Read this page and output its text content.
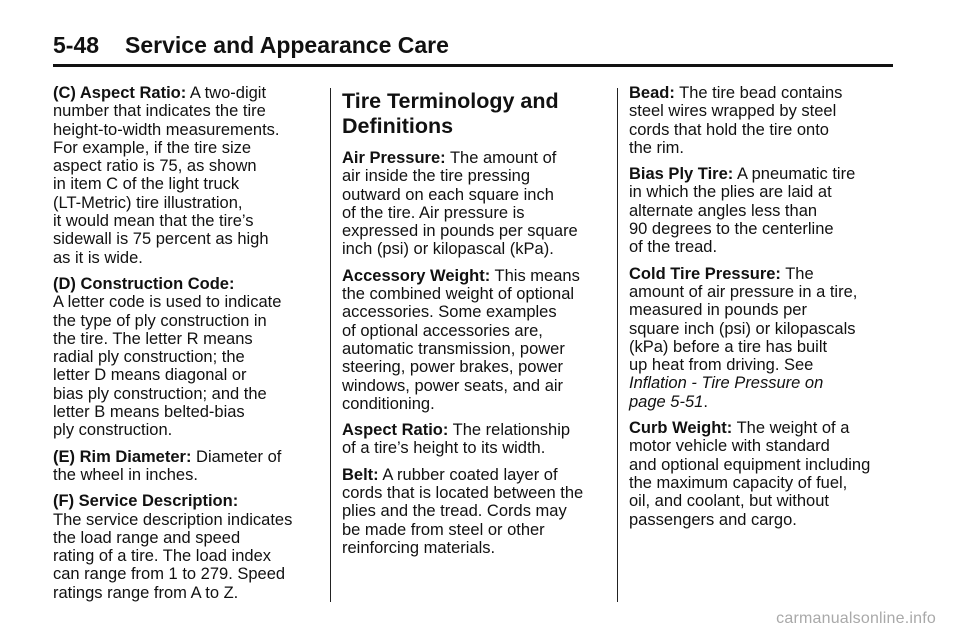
5-48 Service and Appearance Care

(C) Aspect Ratio: A two-digit
number that indicates the tire
height-to-width measurements.
For example, if the tire size
aspect ratio is 75, as shown
in item C of the light truck
(LT-Metric) tire illustration,
it would mean that the tire’s
sidewall is 75 percent as high
as it is wide.

(D) Construction Code:
A letter code is used to indicate
the type of ply construction in
the tire. The letter R means
radial ply construction; the
letter D means diagonal or
bias ply construction; and the
letter B means belted-bias
ply construction.

(E) Rim Diameter: Diameter of
the wheel in inches.

(F) Service Description:
The service description indicates
the load range and speed
rating of a tire. The load index
can range from 1 to 279. Speed
ratings range from A to Z.

Tire Terminology and
Definitions

Air Pressure: The amount of
air inside the tire pressing
outward on each square inch
of the tire. Air pressure is
expressed in pounds per square
inch (psi) or kilopascal (kPa).

Accessory Weight: This means
the combined weight of optional
accessories. Some examples
of optional accessories are,
automatic transmission, power
steering, power brakes, power
windows, power seats, and air
conditioning.

Aspect Ratio: The relationship
of a tire’s height to its width.

Belt: A rubber coated layer of
cords that is located between the
plies and the tread. Cords may
be made from steel or other
reinforcing materials.

Bead: The tire bead contains
steel wires wrapped by steel
cords that hold the tire onto
the rim.

Bias Ply Tire: A pneumatic tire
in which the plies are laid at
alternate angles less than
90 degrees to the centerline
of the tread.

Cold Tire Pressure: The
amount of air pressure in a tire,
measured in pounds per
square inch (psi) or kilopascals
(kPa) before a tire has built
up heat from driving. See
Inflation - Tire Pressure on
page 5-51.

Curb Weight: The weight of a
motor vehicle with standard
and optional equipment including
the maximum capacity of fuel,
oil, and coolant, but without
passengers and cargo.

carmanualsonline.info
